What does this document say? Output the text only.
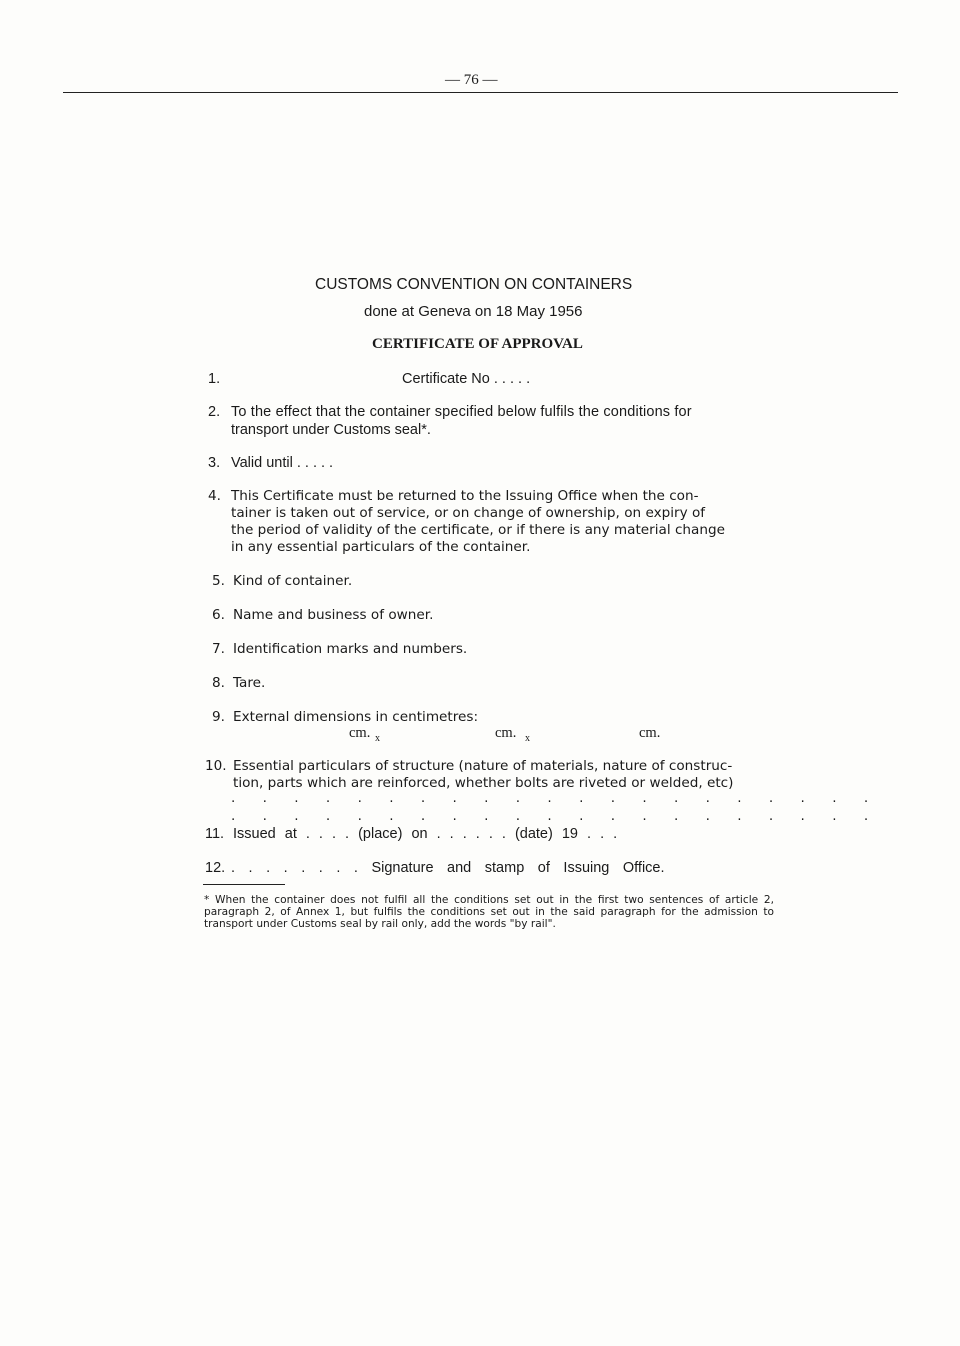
— 76 —
CUSTOMS CONVENTION ON CONTAINERS
done at Geneva on 18 May 1956
CERTIFICATE OF APPROVAL
1.	Certificate No . . . . .
2. To the effect that the container specified below fulfils the conditions for
transport under Customs seal*.
3. Valid until . . . . .
4. This Certificate must be returned to the Issuing Office when the con-
tainer is taken out of service, or on change of ownership, on expiry of
the period of validity of the certificate, or if there is any material change
in any essential particulars of the container.
5. Kind of container.
6. Name and business of owner.
7. Identification marks and numbers.
8. Tare.
9. External dimensions in centimetres:
cm. x	cm. x	cm.
10. Essential particulars of structure (nature of materials, nature of construc-
tion, parts which are reinforced, whether bolts are riveted or welded, etc)
. . . . . . . . . . . . . . . . . . . . .
. . . . . . . . . . . . . . . . . . . . .
11. Issued at . . . . (place) on . . . . . . (date) 19 . . .
12. . . . . . . . . Signature and stamp of Issuing Office.
* When the container does not fulfil all the conditions set out in the first two sentences of article 2, paragraph 2, of Annex 1, but fulfils the conditions set out in the said paragraph for the admission to transport under Customs seal by rail only, add the words "by rail".
